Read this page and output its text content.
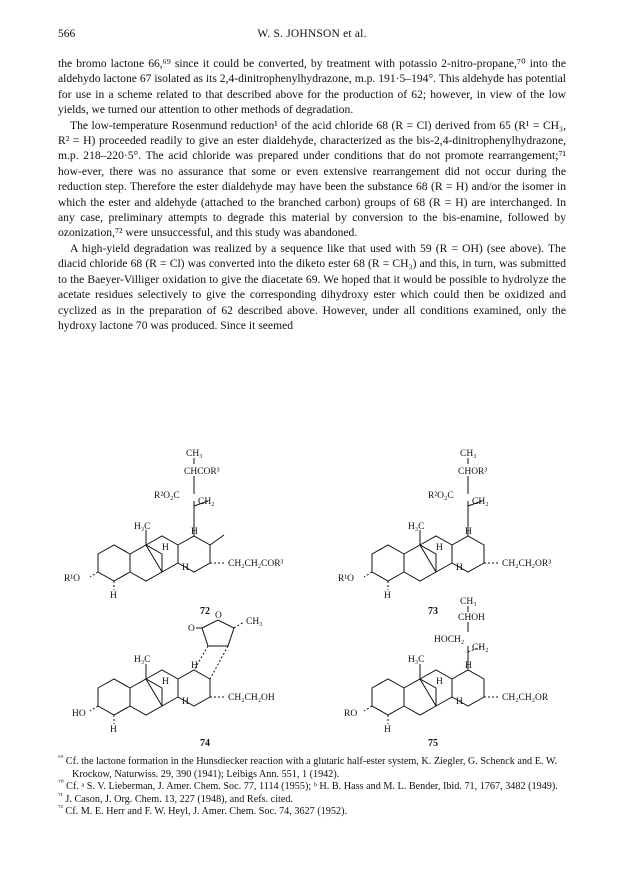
566	W. S. JOHNSON et al.

the bromo lactone 66,⁶⁹ since it could be converted, by treatment with potassio 2-nitro-propane,⁷⁰ into the aldehydo lactone 67 isolated as its 2,4-dinitrophenylhydrazone, m.p. 191·5–194°. This aldehyde has potential for use in a scheme related to that described above for the production of 62; however, in view of the low yields, we turned our attention to other methods of degradation.

The low-temperature Rosenmund reduction¹ of the acid chloride 68 (R = Cl) derived from 65 (R¹ = CH₃, R² = H) proceeded readily to give an ester dialdehyde, characterized as the bis-2,4-dinitrophenylhydrazone, m.p. 218–220·5°. The acid chloride was prepared under conditions that do not promote rearrangement;⁷¹ how-ever, there was no assurance that some or even extensive rearrangement did not occur during the reduction step. Therefore the ester dialdehyde may have been the substance 68 (R = H) and/or the isomer in which the ester and aldehyde (attached to the branched carbon) groups of 68 (R = H) are interchanged. In any case, preliminary attempts to degrade this material by conversion to the bis-enamine, followed by ozonization,⁷² were unsuccessful, and this study was abandoned.

A high-yield degradation was realized by a sequence like that used with 59 (R = OH) (see above). The diacid chloride 68 (R = Cl) was converted into the diketo ester 68 (R = CH₃) and this, in turn, was submitted to the Baeyer-Villiger oxidation to give the diacetate 69. We hoped that it would be possible to hydrolyze the acetate residues selectively to give the corresponding dihydroxy ester which could then be oxidized and cyclized as in the preparation of 62 described above. However, under all conditions examined, only the hydroxy lactone 70 was produced. Since it seemed

CH₃
CHCOR³
R²O₂C
CH₂
H₃C	H
H
H	CH₂CH₂COR³
R¹O
H
72
CH₃
CHOR³
R²O₂C
CH₂
H₃C	H
H
H	CH₂CH₂OR³
R¹O
H
73
O
O
CH₃
H₃C
H
H
H	CH₂CH₂OH
HO
H
74
CH₃
CHOH
HOCH₂
CH₂
H₃C
H
H
H	CH₂CH₂OR
RO
H
75

$^{^{69}}$ Cf. the lactone formation in the Hunsdiecker reaction with a glutaric half-ester system, K. Ziegler, G. Schenck and E. W. Krockow, Naturwiss. 29, 390 (1941); Leibigs Ann. 551, 1 (1942).

$^{^{70}}$ Cf. ᵃ S. V. Lieberman, J. Amer. Chem. Soc. 77, 1114 (1955); ᵇ H. B. Hass and M. L. Bender, Ibid. 71, 1767, 3482 (1949).

$^{^{71}}$ J. Cason, J. Org. Chem. 13, 227 (1948), and Refs. cited.

$^{^{72}}$ Cf. M. E. Herr and F. W. Heyl, J. Amer. Chem. Soc. 74, 3627 (1952).
